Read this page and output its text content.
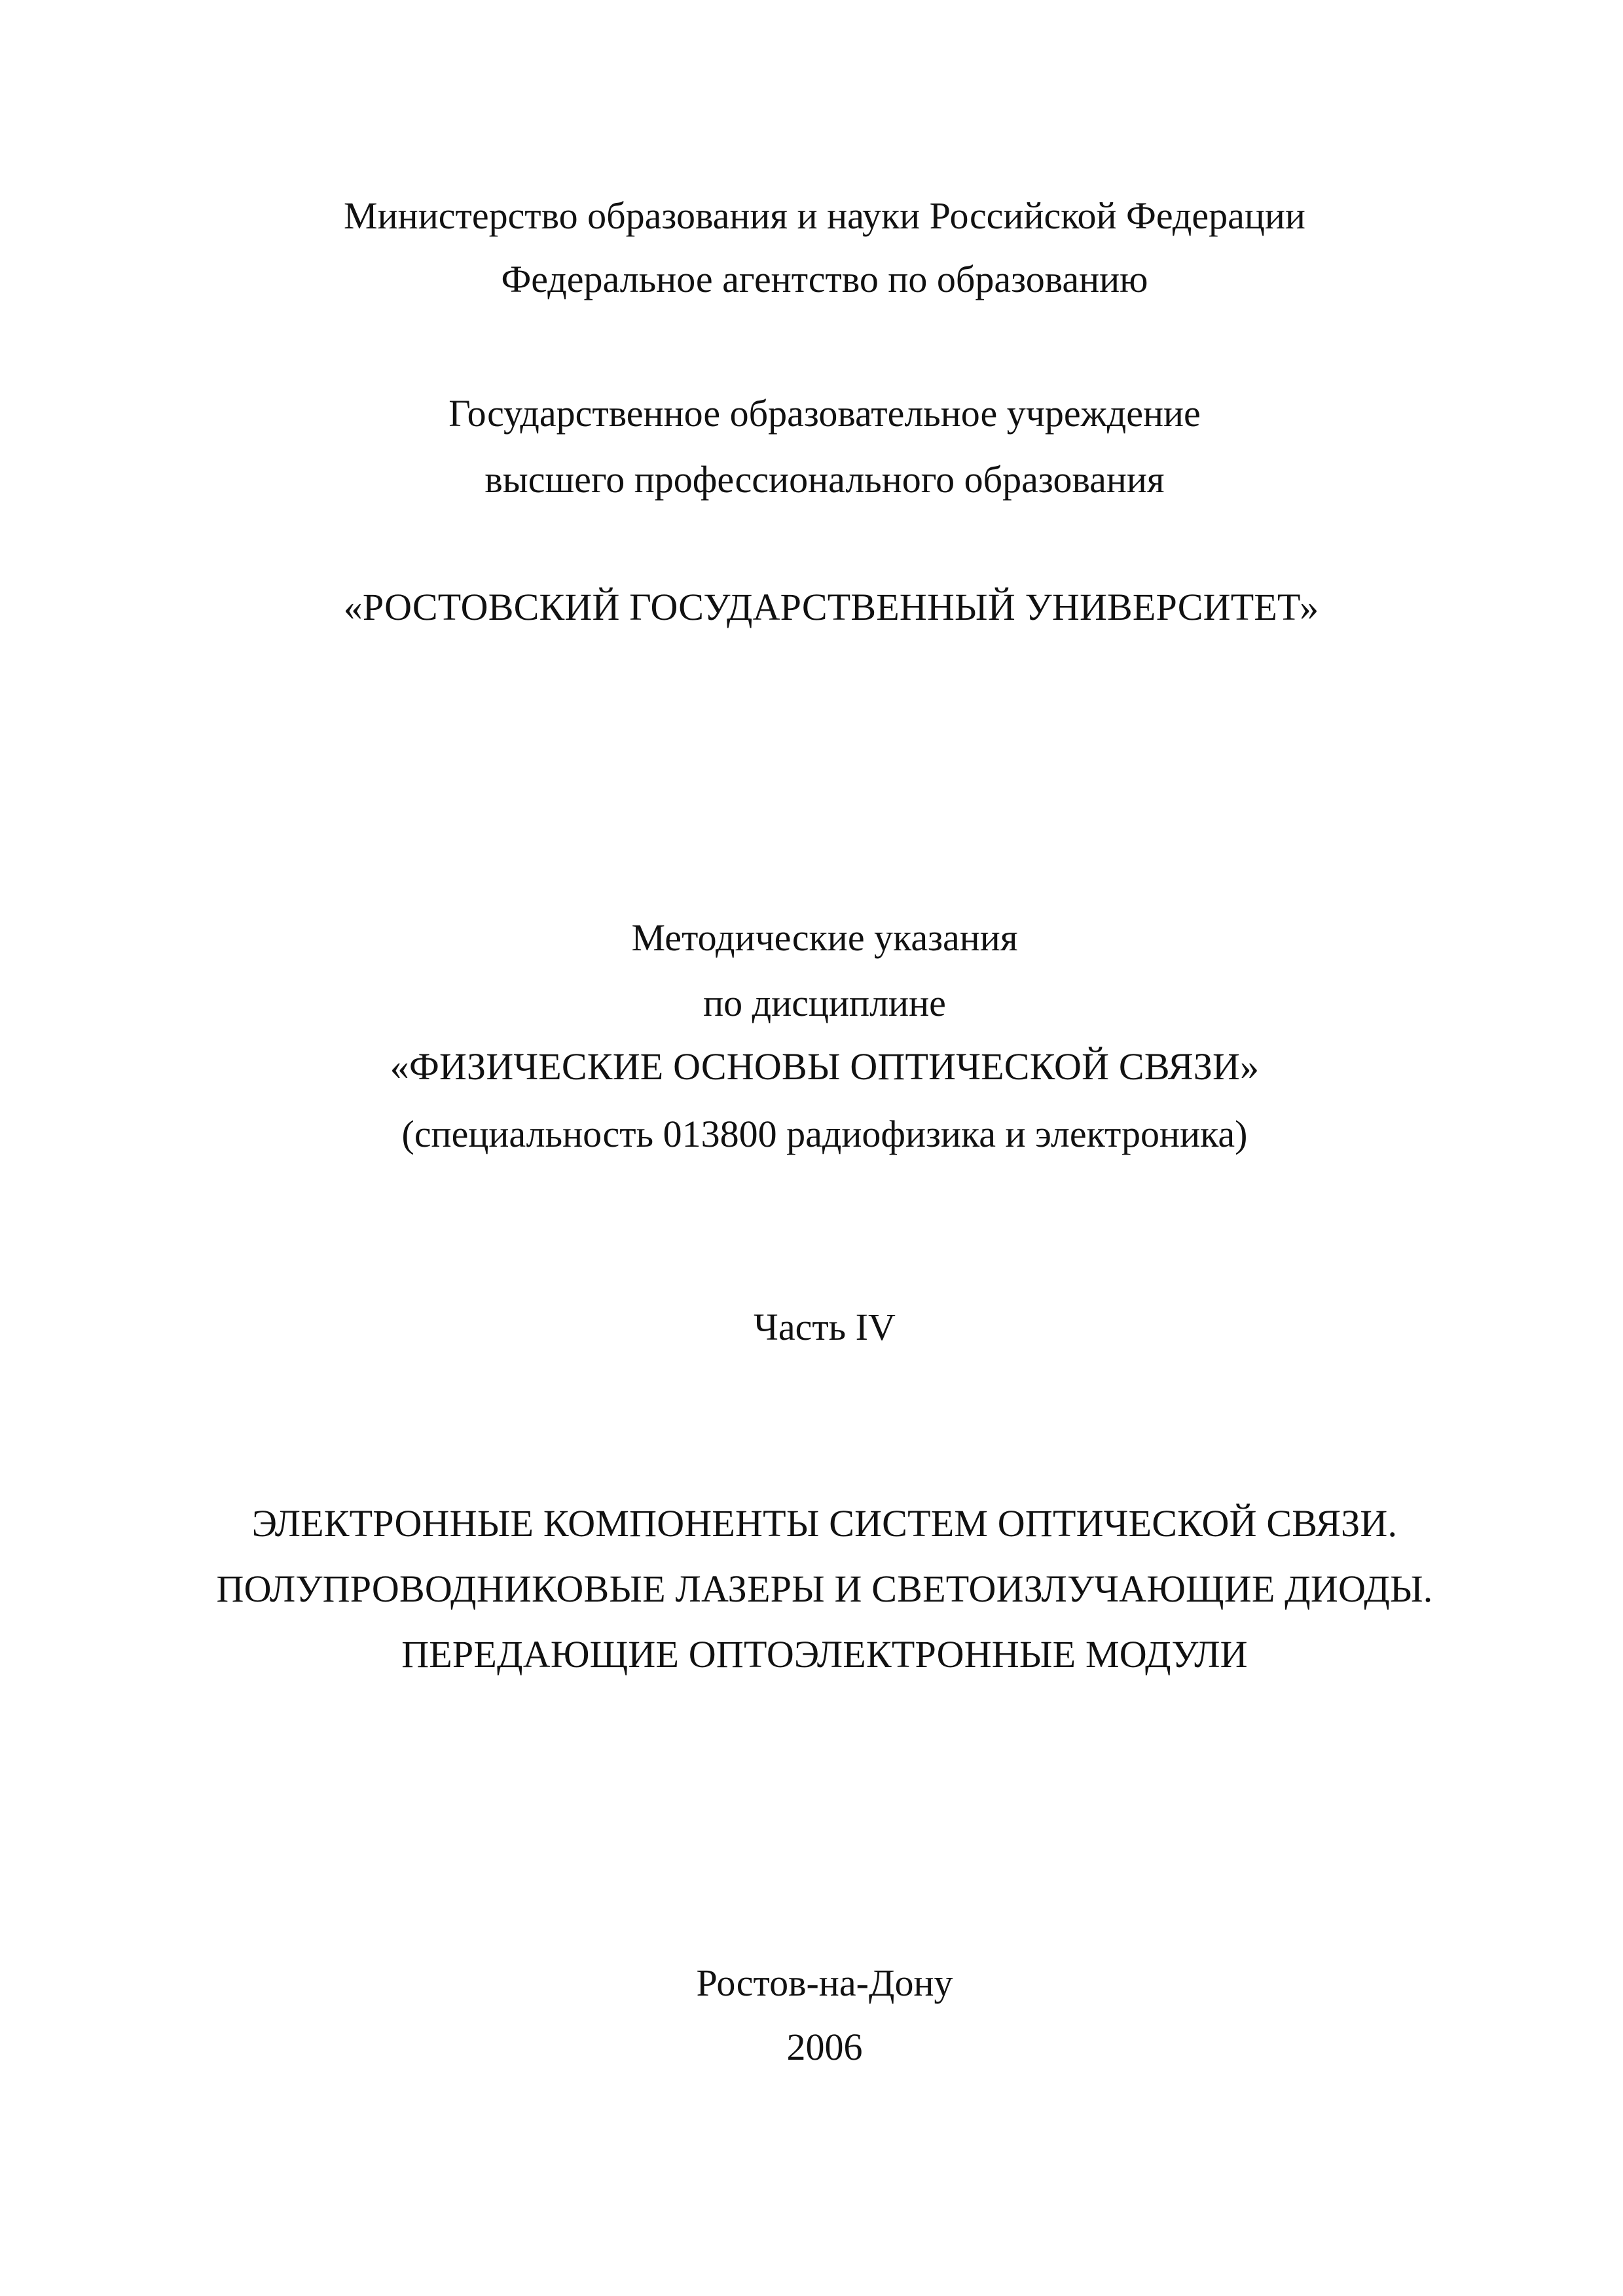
Министерство образования и науки Российской Федерации
Федеральное агентство по образованию
Государственное образовательное учреждение
высшего профессионального образования
«РОСТОВСКИЙ ГОСУДАРСТВЕННЫЙ УНИВЕРСИТЕТ»
Методические указания
по дисциплине
«ФИЗИЧЕСКИЕ ОСНОВЫ ОПТИЧЕСКОЙ СВЯЗИ»
(специальность 013800 радиофизика и электроника)
Часть IV
ЭЛЕКТРОННЫЕ КОМПОНЕНТЫ СИСТЕМ ОПТИЧЕСКОЙ СВЯЗИ.
ПОЛУПРОВОДНИКОВЫЕ ЛАЗЕРЫ И СВЕТОИЗЛУЧАЮЩИЕ ДИОДЫ.
ПЕРЕДАЮЩИЕ ОПТОЭЛЕКТРОННЫЕ МОДУЛИ
Ростов-на-Дону
2006
